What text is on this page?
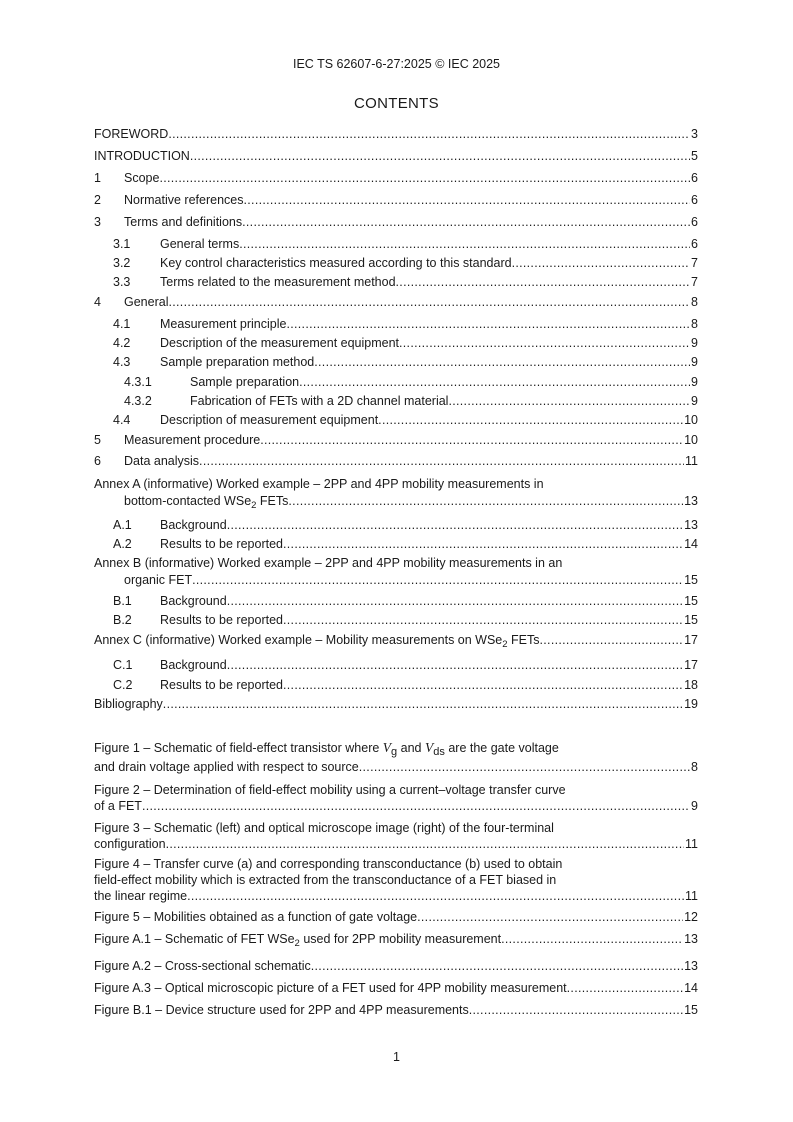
IEC TS 62607-6-27:2025 © IEC 2025
CONTENTS
FOREWORD .....	3
INTRODUCTION .....	5
1	Scope .....	6
2	Normative references .....	6
3	Terms and definitions .....	6
3.1	General terms .....	6
3.2	Key control characteristics measured according to this standard .....	7
3.3	Terms related to the measurement method .....	7
4	General .....	8
4.1	Measurement principle .....	8
4.2	Description of the measurement equipment .....	9
4.3	Sample preparation method .....	9
4.3.1	Sample preparation .....	9
4.3.2	Fabrication of FETs with a 2D channel material .....	9
4.4	Description of measurement equipment .....	10
5	Measurement procedure .....	10
6	Data analysis .....	11
Annex A (informative) Worked example – 2PP and 4PP mobility measurements in
bottom-contacted WSe$_2$ FETs .....	13
A.1	Background .....	13
A.2	Results to be reported .....	14
Annex B (informative) Worked example – 2PP and 4PP mobility measurements in an
organic FET .....	15
B.1	Background .....	15
B.2	Results to be reported .....	15
Annex C (informative) Worked example – Mobility measurements on WSe$_2$ FETs .....	17
C.1	Background .....	17
C.2	Results to be reported .....	18
Bibliography .....	19
Figure 1 – Schematic of field-effect transistor where Vg and Vds are the gate voltage
and drain voltage applied with respect to source .....	8
Figure 2 – Determination of field-effect mobility using a current–voltage transfer curve
of a FET .....	9
Figure 3 – Schematic (left) and optical microscope image (right) of the four-terminal
configuration .....	11
Figure 4 – Transfer curve (a) and corresponding transconductance (b) used to obtain
field-effect mobility which is extracted from the transconductance of a FET biased in
the linear regime .....	11
Figure 5 – Mobilities obtained as a function of gate voltage .....	12
Figure A.1 – Schematic of FET WSe$_2$ used for 2PP mobility measurement .....	13
Figure A.2 – Cross-sectional schematic .....	13
Figure A.3 – Optical microscopic picture of a FET used for 4PP mobility measurement .....	14
Figure B.1 – Device structure used for 2PP and 4PP measurements .....	15
1
